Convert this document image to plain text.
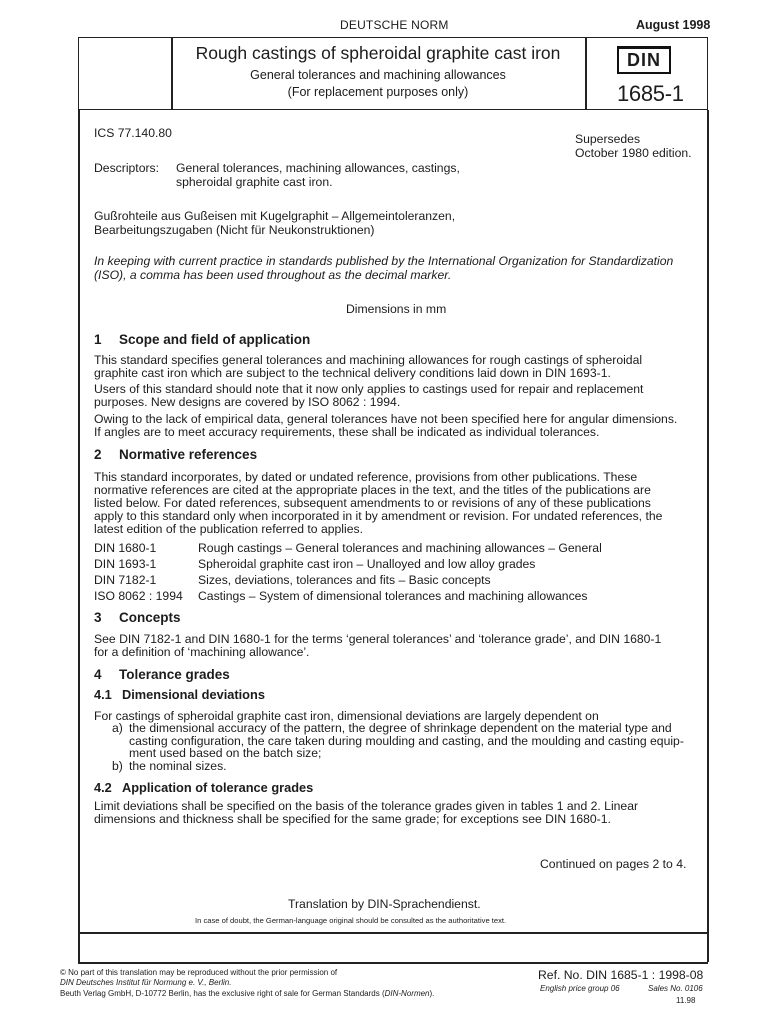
DEUTSCHE NORM	August 1998
Rough castings of spheroidal graphite cast iron
General tolerances and machining allowances
(For replacement purposes only)
DIN
1685-1
ICS 77.140.80	Supersedes
October 1980 edition.
Descriptors: General tolerances, machining allowances, castings,
spheroidal graphite cast iron.
Gußrohteile aus Gußeisen mit Kugelgraphit – Allgemeintoleranzen,
Bearbeitungszugaben (Nicht für Neukonstruktionen)
In keeping with current practice in standards published by the International Organization for Standardization
(ISO), a comma has been used throughout as the decimal marker.
Dimensions in mm
1 Scope and field of application
This standard specifies general tolerances and machining allowances for rough castings of spheroidal
graphite cast iron which are subject to the technical delivery conditions laid down in DIN 1693-1.
Users of this standard should note that it now only applies to castings used for repair and replacement
purposes. New designs are covered by ISO 8062 : 1994.
Owing to the lack of empirical data, general tolerances have not been specified here for angular dimensions.
If angles are to meet accuracy requirements, these shall be indicated as individual tolerances.
2 Normative references
This standard incorporates, by dated or undated reference, provisions from other publications. These
normative references are cited at the appropriate places in the text, and the titles of the publications are
listed below. For dated references, subsequent amendments to or revisions of any of these publications
apply to this standard only when incorporated in it by amendment or revision. For undated references, the
latest edition of the publication referred to applies.
DIN 1680-1	Rough castings – General tolerances and machining allowances – General
DIN 1693-1	Spheroidal graphite cast iron – Unalloyed and low alloy grades
DIN 7182-1	Sizes, deviations, tolerances and fits – Basic concepts
ISO 8062 : 1994 Castings – System of dimensional tolerances and machining allowances
3 Concepts
See DIN 7182-1 and DIN 1680-1 for the terms ‘general tolerances’ and ‘tolerance grade’, and DIN 1680-1
for a definition of ‘machining allowance’.
4 Tolerance grades
4.1 Dimensional deviations
For castings of spheroidal graphite cast iron, dimensional deviations are largely dependent on
a) the dimensional accuracy of the pattern, the degree of shrinkage dependent on the material type and
casting configuration, the care taken during moulding and casting, and the moulding and casting equip-
ment used based on the batch size;
b) the nominal sizes.
4.2 Application of tolerance grades
Limit deviations shall be specified on the basis of the tolerance grades given in tables 1 and 2. Linear
dimensions and thickness shall be specified for the same grade; for exceptions see DIN 1680-1.
Continued on pages 2 to 4.
Translation by DIN-Sprachendienst.
In case of doubt, the German-language original should be consulted as the authoritative text.
© No part of this translation may be reproduced without the prior permission of
DIN Deutsches Institut für Normung e. V., Berlin.
Beuth Verlag GmbH, D-10772 Berlin, has the exclusive right of sale for German Standards (DIN-Normen).
Ref. No. DIN 1685-1 : 1998-08
English price group 06	Sales No. 0106
11.98
